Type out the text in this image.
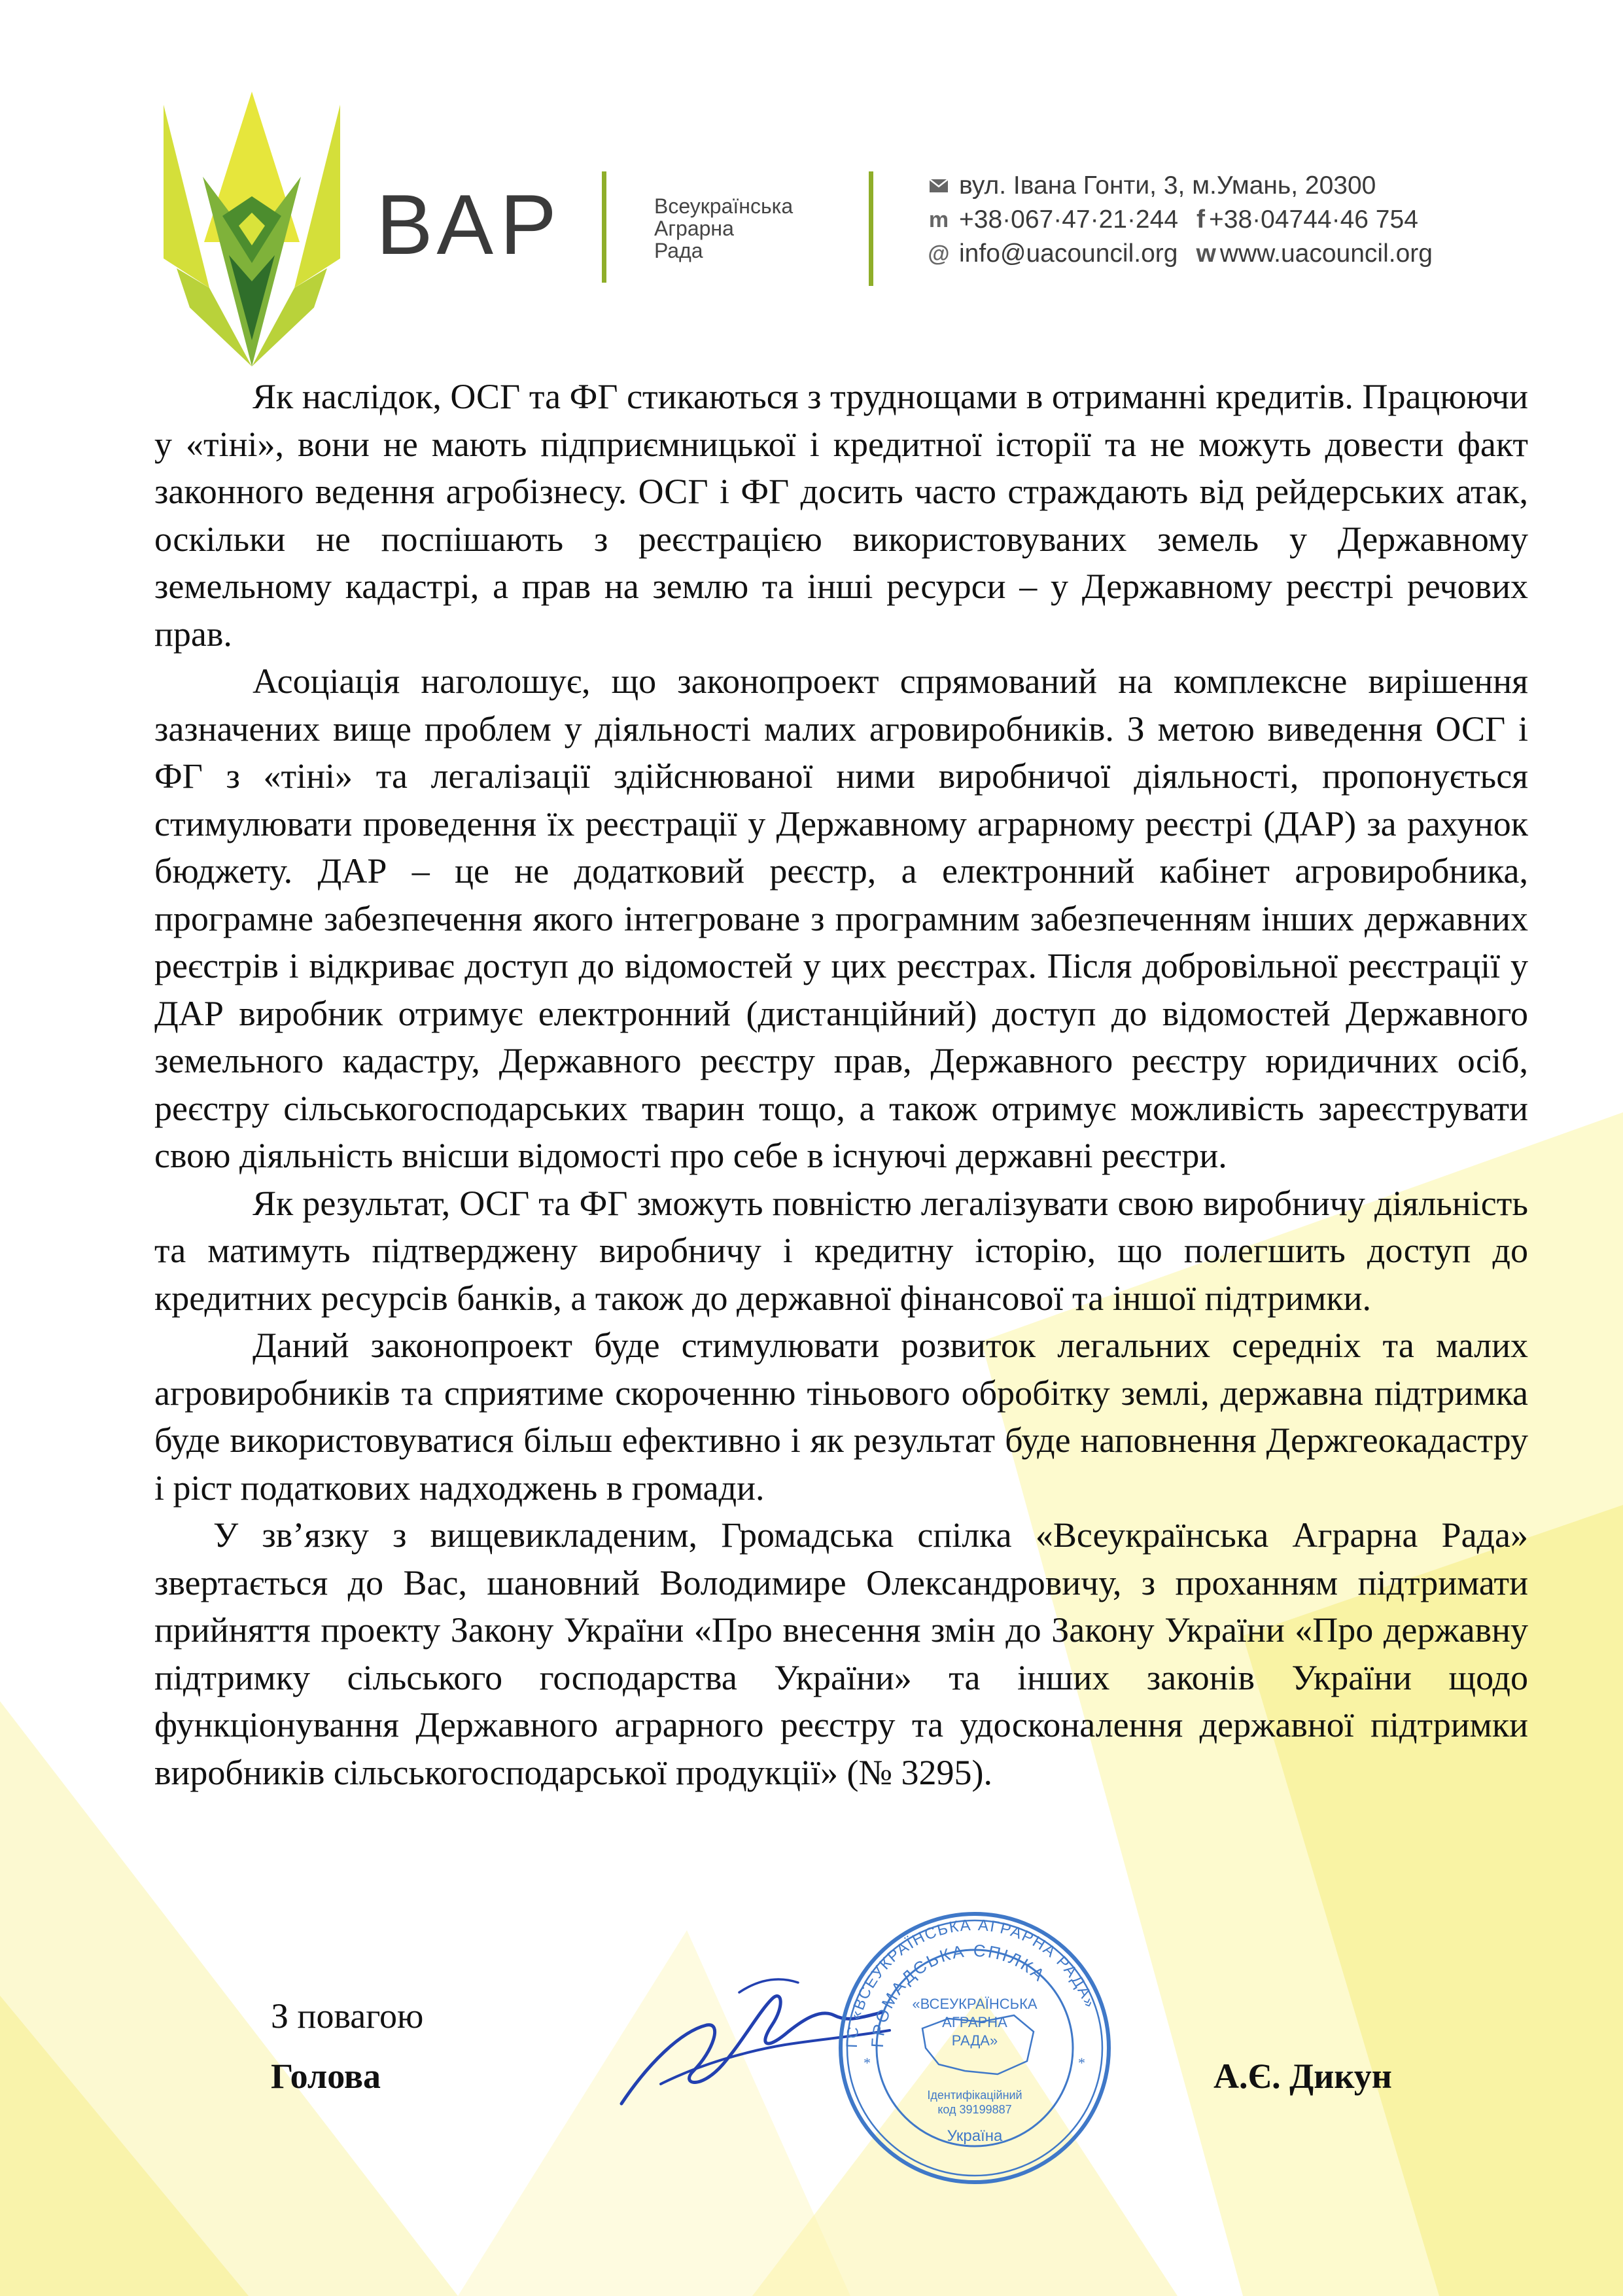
ВАР	Всеукраїнська
Аграрна
Рада
вул. Івана Гонти, 3, м.Умань, 20300
m +38·067·47·21·244 f +38·04744·46 754
@ info@uacouncil.org w www.uacouncil.org

Як наслідок, ОСГ та ФГ стикаються з труднощами в отриманні кредитів. Працюючи у «тіні», вони не мають підприємницької і кредитної історії та не можуть довести факт законного ведення агробізнесу. ОСГ і ФГ досить часто страждають від рейдерських атак, оскільки не поспішають з реєстрацією використовуваних земель у Державному земельному кадастрі, а прав на землю та інші ресурси – у Державному реєстрі речових прав.

Асоціація наголошує, що законопроект спрямований на комплексне вирішення зазначених вище проблем у діяльності малих агровиробників. З метою виведення ОСГ і ФГ з «тіні» та легалізації здійснюваної ними виробничої діяльності, пропонується стимулювати проведення їх реєстрації у Державному аграрному реєстрі (ДАР) за рахунок бюджету. ДАР – це не додатковий реєстр, а електронний кабінет агровиробника, програмне забезпечення якого інтегроване з програмним забезпеченням інших державних реєстрів і відкриває доступ до відомостей у цих реєстрах. Після добровільної реєстрації у ДАР виробник отримує електронний (дистанційний) доступ до відомостей Державного земельного кадастру, Державного реєстру прав, Державного реєстру юридичних осіб, реєстру сільськогосподарських тварин тощо, а також отримує можливість зареєструвати свою діяльність внісши відомості про себе в існуючі державні реєстри.

Як результат, ОСГ та ФГ зможуть повністю легалізувати свою виробничу діяльність та матимуть підтверджену виробничу і кредитну історію, що полегшить доступ до кредитних ресурсів банків, а також до державної фінансової та іншої підтримки.

Даний законопроект буде стимулювати розвиток легальних середніх та малих агровиробників та сприятиме скороченню тіньового обробітку землі, державна підтримка буде використовуватися більш ефективно і як результат буде наповнення Держгеокадастру і ріст податкових надходжень в громади.

У зв’язку з вищевикладеним, Громадська спілка «Всеукраїнська Аграрна Рада» звертається до Вас, шановний Володимире Олександровичу, з проханням підтримати прийняття проекту Закону України «Про внесення змін до Закону України «Про державну підтримку сільського господарства України» та інших законів України щодо функціонування Державного аграрного реєстру та удосконалення державної підтримки виробників сільськогосподарської продукції» (№ 3295).

З повагою
Голова	А.Є. Дикун
ГС «ВСЕУКРАЇНСЬКА АГРАРНА РАДА»
ГРОМАДСЬКА СПІЛКА
«ВСЕУКРАЇНСЬКА
АГРАРНА
РАДА»
Ідентифікаційний
код 39199887
Україна
*	*
